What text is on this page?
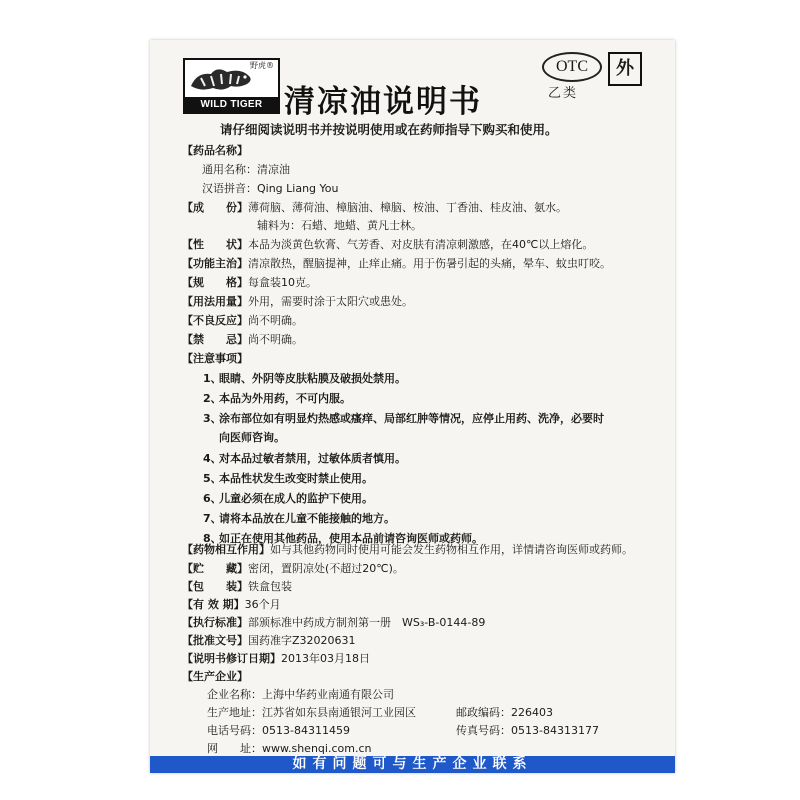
野虎®
WILD TIGER 清凉油说明书
OTC
乙类
外
请仔细阅读说明书并按说明使用或在药师指导下购买和使用。
【药品名称】
通用名称：清凉油
汉语拼音：Qing Liang You
【成　　份】薄荷脑、薄荷油、樟脑油、樟脑、桉油、丁香油、桂皮油、氨水。
辅料为：石蜡、地蜡、黄凡士林。
【性　　状】本品为淡黄色软膏、气芳香、对皮肤有清凉刺激感，在40℃以上熔化。
【功能主治】清凉散热，醒脑提神，止痒止痛。用于伤暑引起的头痛，晕车、蚊虫叮咬。
【规　　格】每盒装10克。
【用法用量】外用，需要时涂于太阳穴或患处。
【不良反应】尚不明确。
【禁　　忌】尚不明确。
【注意事项】
1、眼睛、外阴等皮肤粘膜及破损处禁用。
2、本品为外用药，不可内服。
3、涂布部位如有明显灼热感或瘙痒、局部红肿等情况，应停止用药、洗净，必要时
向医师咨询。
4、对本品过敏者禁用，过敏体质者慎用。
5、本品性状发生改变时禁止使用。
6、儿童必须在成人的监护下使用。
7、请将本品放在儿童不能接触的地方。
8、如正在使用其他药品，使用本品前请咨询医师或药师。
【药物相互作用】如与其他药物同时使用可能会发生药物相互作用，详情请咨询医师或药师。
【贮　　藏】密闭，置阴凉处(不超过20℃)。
【包　　装】铁盒包装
【有 效 期】36个月
【执行标准】部颁标准中药成方制剂第一册　WS₃-B-0144-89
【批准文号】国药准字Z32020631
【说明书修订日期】2013年03月18日
【生产企业】
企业名称：上海中华药业南通有限公司
生产地址：江苏省如东县南通银河工业园区	邮政编码：226403
电话号码：0513-84311459	传真号码：0513-84313177
网　　址：www.shenqi.com.cn
如有问题可与生产企业联系
